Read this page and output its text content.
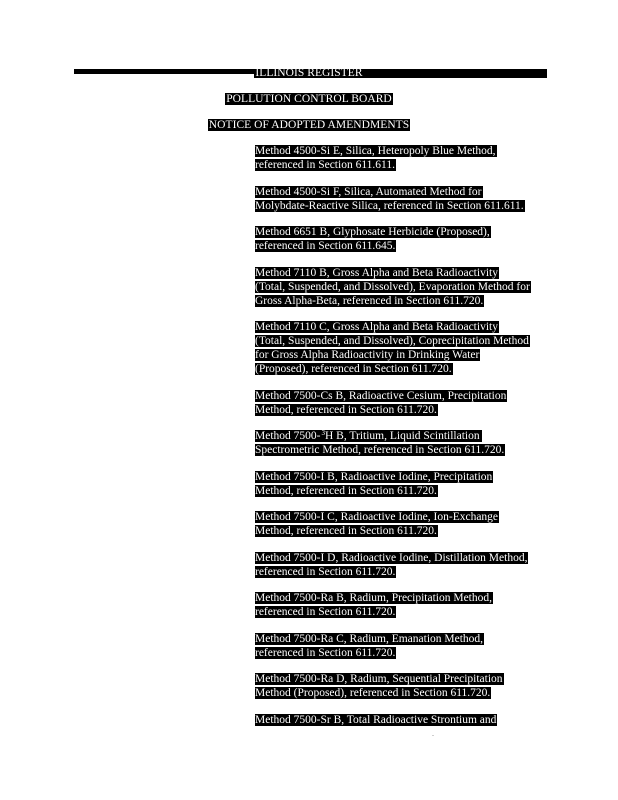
ILLINOIS REGISTER
POLLUTION CONTROL BOARD
NOTICE OF ADOPTED AMENDMENTS
Method 4500-Si E, Silica, Heteropoly Blue Method,
referenced in Section 611.611.
Method 4500-Si F, Silica, Automated Method for
Molybdate-Reactive Silica, referenced in Section 611.611.
Method 6651 B, Glyphosate Herbicide (Proposed),
referenced in Section 611.645.
Method 7110 B, Gross Alpha and Beta Radioactivity
(Total, Suspended, and Dissolved), Evaporation Method for
Gross Alpha-Beta, referenced in Section 611.720.
Method 7110 C, Gross Alpha and Beta Radioactivity
(Total, Suspended, and Dissolved), Coprecipitation Method
for Gross Alpha Radioactivity in Drinking Water
(Proposed), referenced in Section 611.720.
Method 7500-Cs B, Radioactive Cesium, Precipitation
Method, referenced in Section 611.720.
Method 7500-$^3$H B, Tritium, Liquid Scintillation
Spectrometric Method, referenced in Section 611.720.
Method 7500-I B, Radioactive Iodine, Precipitation
Method, referenced in Section 611.720.
Method 7500-I C, Radioactive Iodine, Ion-Exchange
Method, referenced in Section 611.720.
Method 7500-I D, Radioactive Iodine, Distillation Method,
referenced in Section 611.720.
Method 7500-Ra B, Radium, Precipitation Method,
referenced in Section 611.720.
Method 7500-Ra C, Radium, Emanation Method,
referenced in Section 611.720.
Method 7500-Ra D, Radium, Sequential Precipitation
Method (Proposed), referenced in Section 611.720.
Method 7500-Sr B, Total Radioactive Strontium and
